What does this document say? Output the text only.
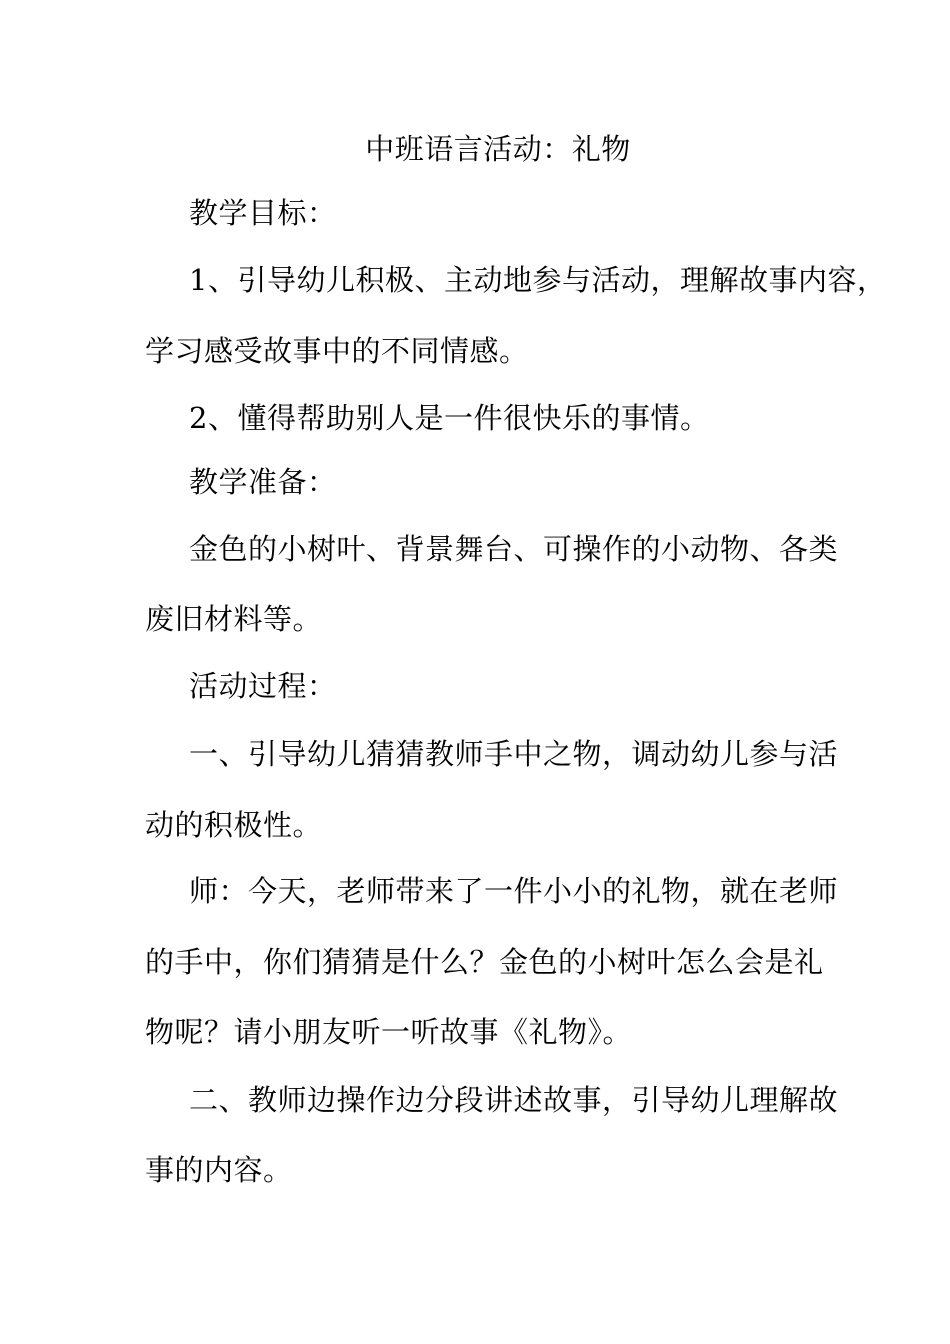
中班语言活动：礼物

教学目标：

1、引导幼儿积极、主动地参与活动，理解故事内容，

学习感受故事中的不同情感。

2、懂得帮助别人是一件很快乐的事情。

教学准备：

金色的小树叶、背景舞台、可操作的小动物、各类

废旧材料等。

活动过程：

一、引导幼儿猜猜教师手中之物，调动幼儿参与活

动的积极性。

师：今天，老师带来了一件小小的礼物，就在老师

的手中，你们猜猜是什么？金色的小树叶怎么会是礼

物呢？请小朋友听一听故事《礼物》。

二、教师边操作边分段讲述故事，引导幼儿理解故

事的内容。
